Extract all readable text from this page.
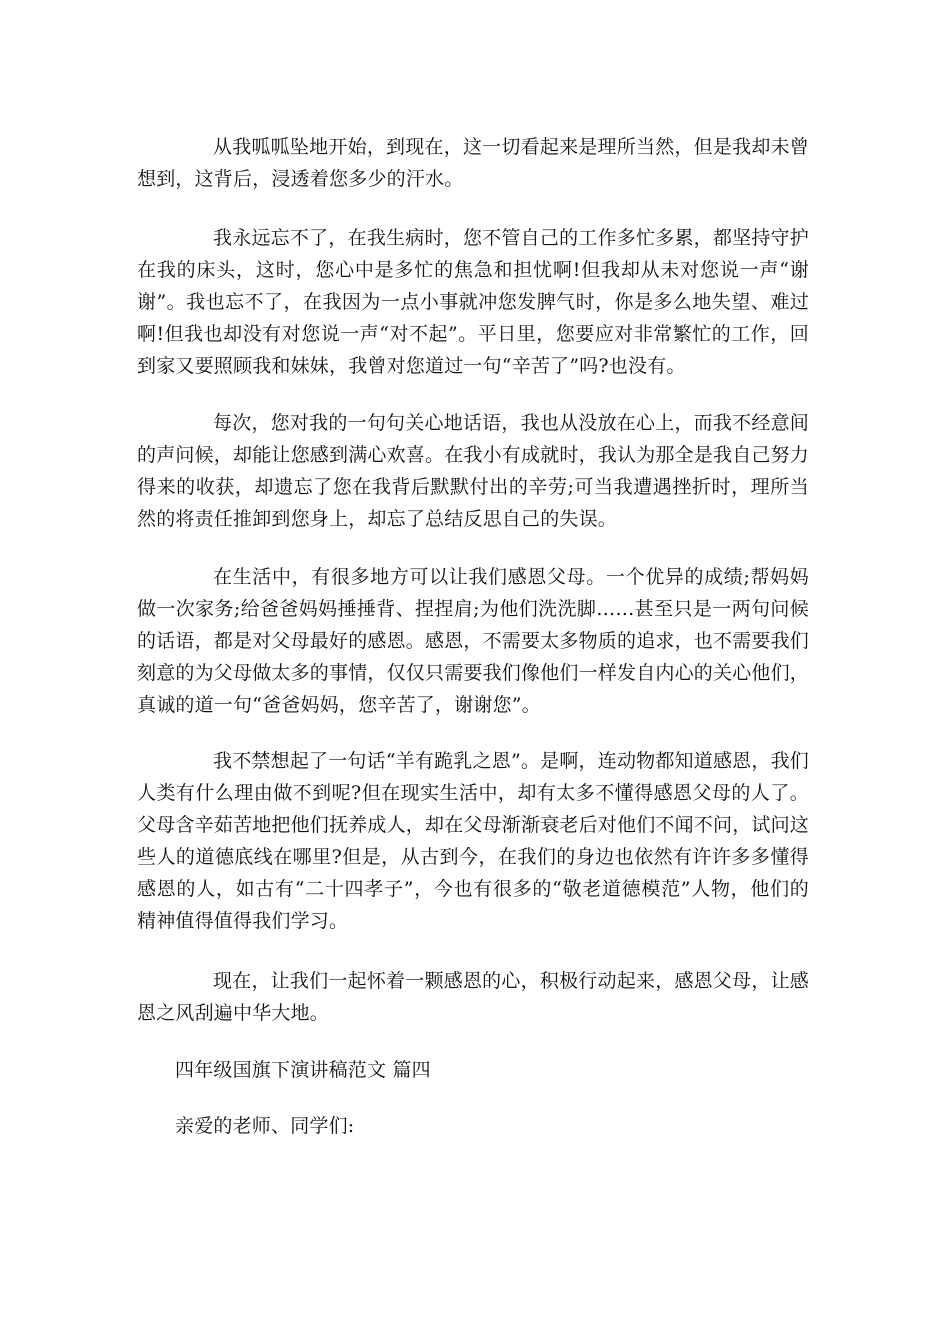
从我呱呱坠地开始，到现在，这一切看起来是理所当然，但是我却未曾想到，这背后，浸透着您多少的汗水。

我永远忘不了，在我生病时，您不管自己的工作多忙多累，都坚持守护在我的床头，这时，您心中是多忙的焦急和担忧啊!但我却从未对您说一声“谢谢”。我也忘不了，在我因为一点小事就冲您发脾气时，你是多么地失望、难过啊!但我也却没有对您说一声“对不起”。平日里，您要应对非常繁忙的工作，回到家又要照顾我和妹妹，我曾对您道过一句“辛苦了”吗?也没有。

每次，您对我的一句句关心地话语，我也从没放在心上，而我不经意间的声问候，却能让您感到满心欢喜。在我小有成就时，我认为那全是我自己努力得来的收获，却遗忘了您在我背后默默付出的辛劳;可当我遭遇挫折时，理所当然的将责任推卸到您身上，却忘了总结反思自己的失误。

在生活中，有很多地方可以让我们感恩父母。一个优异的成绩;帮妈妈做一次家务;给爸爸妈妈捶捶背、捏捏肩;为他们洗洗脚……甚至只是一两句问候的话语，都是对父母最好的感恩。感恩，不需要太多物质的追求，也不需要我们刻意的为父母做太多的事情，仅仅只需要我们像他们一样发自内心的关心他们，真诚的道一句“爸爸妈妈，您辛苦了，谢谢您”。

我不禁想起了一句话“羊有跪乳之恩”。是啊，连动物都知道感恩，我们人类有什么理由做不到呢?但在现实生活中，却有太多不懂得感恩父母的人了。父母含辛茹苦地把他们抚养成人，却在父母渐渐衰老后对他们不闻不问，试问这些人的道德底线在哪里?但是，从古到今，在我们的身边也依然有许许多多懂得感恩的人，如古有“二十四孝子”，今也有很多的“敬老道德模范”人物，他们的精神值得值得我们学习。

现在，让我们一起怀着一颗感恩的心，积极行动起来，感恩父母，让感恩之风刮遍中华大地。

四年级国旗下演讲稿范文 篇四

亲爱的老师、同学们:
